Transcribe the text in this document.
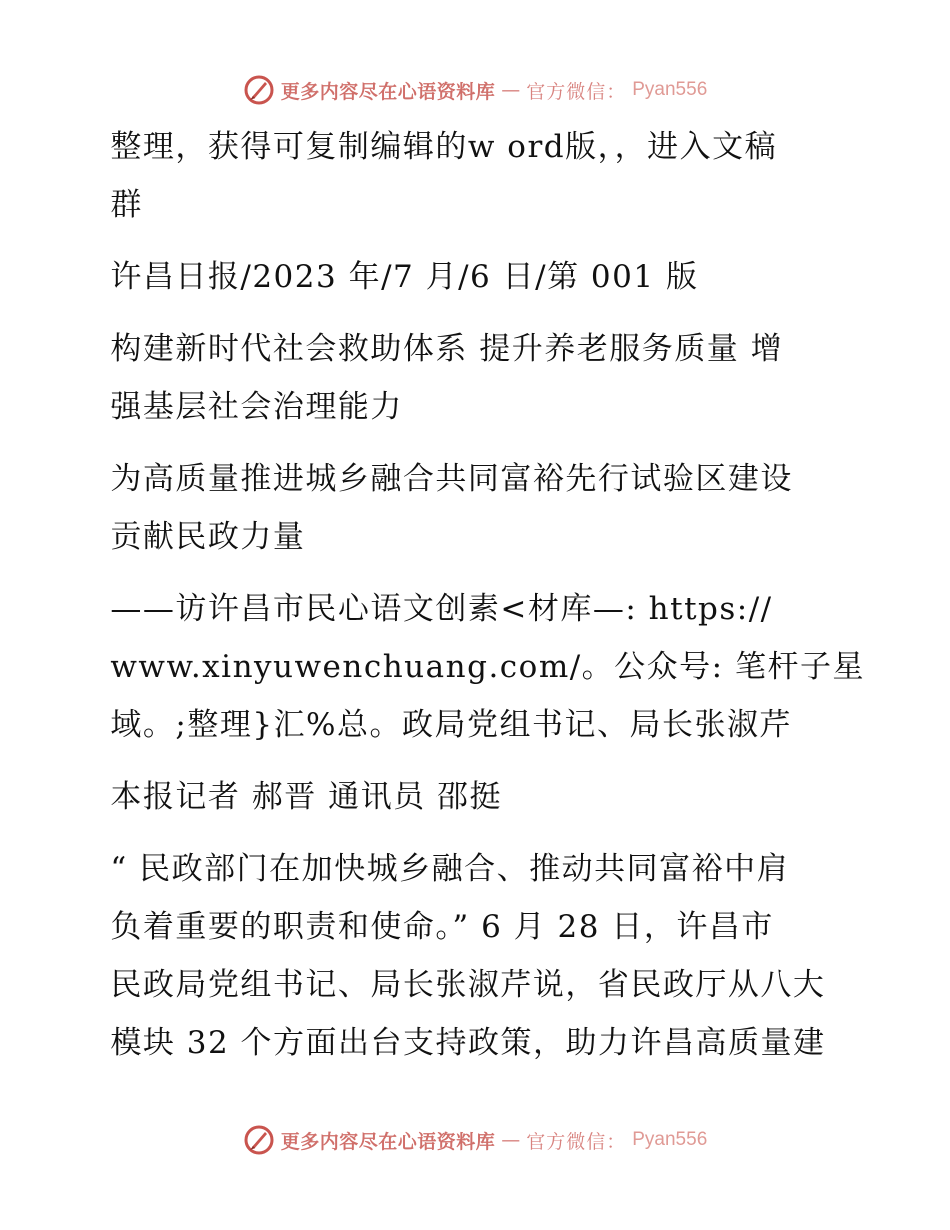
更多内容尽在心语资料库 — 官方微信： Pyan556

整理，获得可复制编辑的w ord版，，进入文稿
群

许昌日报/2023 年/7 月/6 日/第 001 版

构建新时代社会救助体系 提升养老服务质量 增
强基层社会治理能力

为高质量推进城乡融合共同富裕先行试验区建设
贡献民政力量

——访许昌市民心语文创素<材库—: https://
www.xinyuwenchuang.com/。公众号: 笔杆子星
域。;整理}汇%总。政局党组书记、局长张淑芹

本报记者 郝晋 通讯员 邵挺

“ 民政部门在加快城乡融合、推动共同富裕中肩
负着重要的职责和使命。” 6 月 28 日，许昌市
民政局党组书记、局长张淑芹说，省民政厅从八大
模块 32 个方面出台支持政策，助力许昌高质量建

更多内容尽在心语资料库 — 官方微信： Pyan556
